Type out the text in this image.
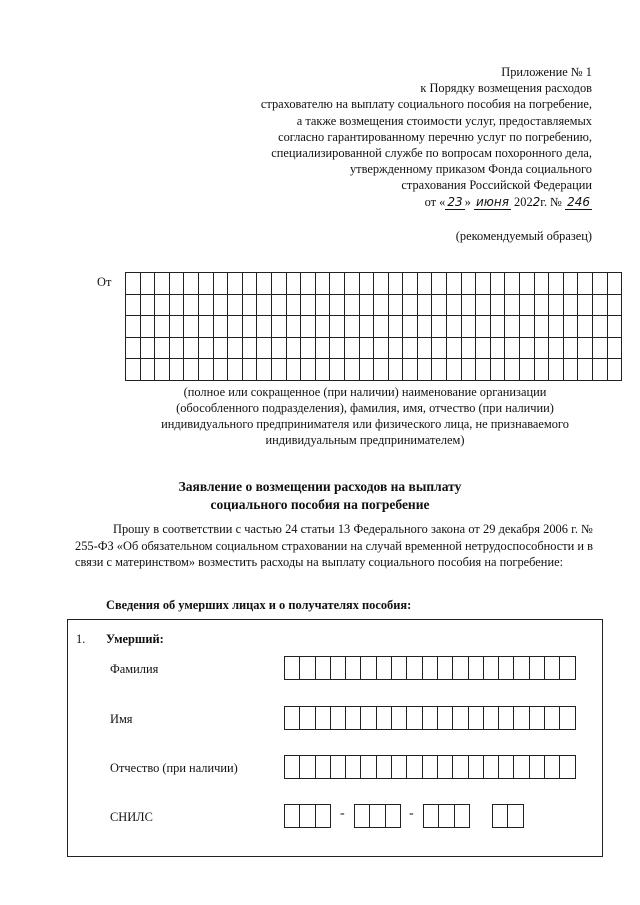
Приложение № 1
к Порядку возмещения расходов
страхователю на выплату социального пособия на погребение,
а также возмещения стоимости услуг, предоставляемых
согласно гарантированному перечню услуг по погребению,
специализированной службе по вопросам похоронного дела,
утвержденному приказом Фонда социального
страхования Российской Федерации
от « 23 » июня 2022г. № 246
(рекомендуемый образец)
От

(полное или сокращенное (при наличии) наименование организации
(обособленного подразделения), фамилия, имя, отчество (при наличии)
индивидуального предпринимателя или физического лица, не признаваемого
индивидуальным предпринимателем)
Заявление о возмещении расходов на выплату
социального пособия на погребение
Прошу в соответствии с частью 24 статьи 13 Федерального закона от 29 декабря 2006 г. № 255-ФЗ «Об обязательном социальном страховании на случай временной нетрудоспособности и в связи с материнством» возместить расходы на выплату социального пособия на погребение:
Сведения об умерших лицах и о получателях пособия:
1. Умерший:
Фамилия
Имя
Отчество (при наличии)
СНИЛС	-	-
